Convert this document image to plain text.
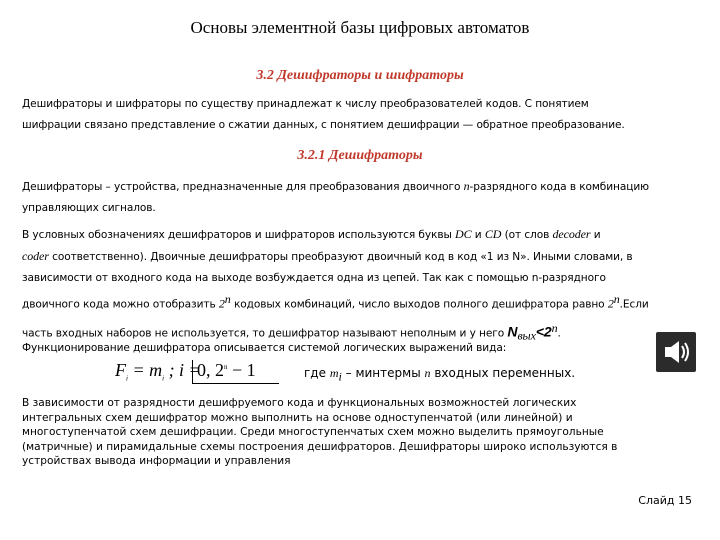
Основы элементной базы цифровых автоматов
3.2 Дешифраторы и шифраторы

Дешифраторы и шифраторы по существу принадлежат к числу преобразователей кодов. С понятием

шифрации связано представление о сжатии данных, с понятием дешифрации — обратное преобразование.

3.2.1 Дешифраторы

Дешифраторы – устройства, предназначенные для преобразования двоичного n-разрядного кода в комбинацию

управляющих сигналов.

В условных обозначениях дешифраторов и шифраторов используются буквы DC и CD (от слов decoder и

coder соответственно). Двоичные дешифраторы преобразуют двоичный код в код «1 из N». Иными словами, в

зависимости от входного кода на выходе возбуждается одна из цепей. Так как с помощью n-разрядного

двоичного кода можно отобразить 2$^n$ кодовых комбинаций, число выходов полного дешифратора равно 2$^n$.Если

часть входных наборов не используется, то дешифратор называют неполным и у него $N_{вых}<2^n$.

Функционирование дешифратора описывается системой логических выражений вида:

$F_i = m_i$ ; i =
0, $2^n - 1$	где $m_i$ – минтермы n входных переменных.
В зависимости от разрядности дешифруемого кода и функциональных возможностей логических
интегральных схем дешифратор можно выполнить на основе одноступенчатой (или линейной) и
многоступенчатой схем дешифрации. Среди многоступенчатых схем можно выделить прямоугольные
(матричные) и пирамидальные схемы построения дешифраторов. Дешифраторы широко используются в
устройствах вывода информации и управления
Слайд 15
